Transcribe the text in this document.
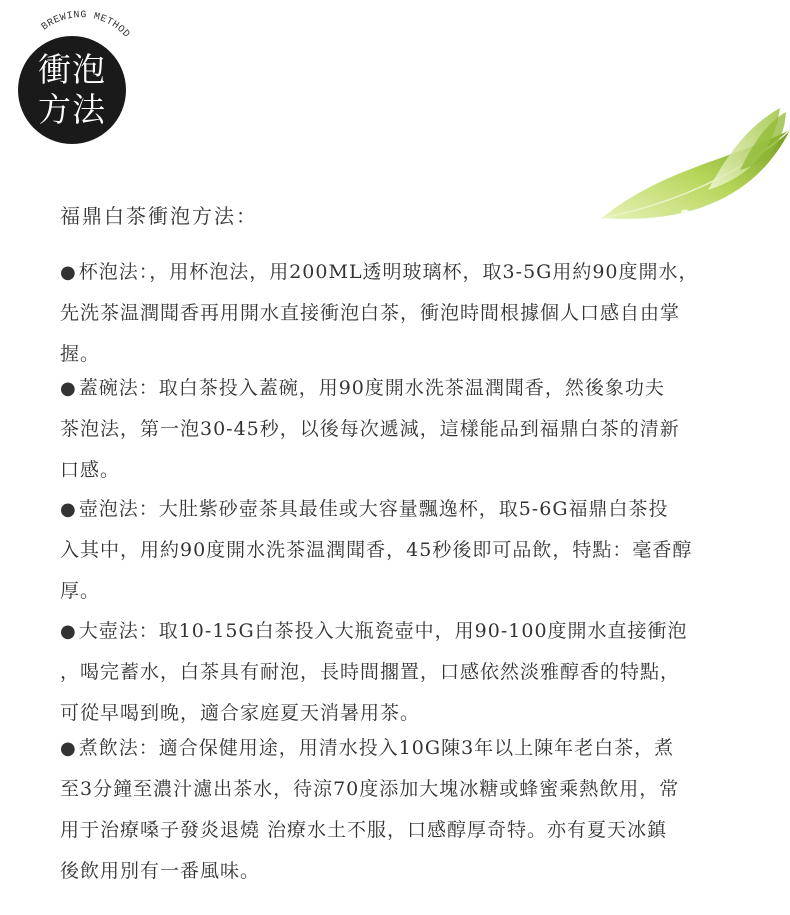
衝泡
方法
BREWING METHOD
福鼎白茶衝泡方法：

● 杯泡法：，用杯泡法，用200ML透明玻璃杯，取3-5G用約90度開水，

先洗茶温潤聞香再用開水直接衝泡白茶，衝泡時間根據個人口感自由掌

握。

● 蓋碗法：取白茶投入蓋碗，用90度開水洗茶温潤聞香，然後象功夫

茶泡法，第一泡30-45秒，以後每次遞減，這樣能品到福鼎白茶的清新

口感。

● 壺泡法：大肚紫砂壺茶具最佳或大容量飄逸杯，取5-6G福鼎白茶投

入其中，用約90度開水洗茶温潤聞香，45秒後即可品飲，特點：毫香醇

厚。

● 大壺法：取10-15G白茶投入大瓶瓷壺中，用90-100度開水直接衝泡

，喝完蓄水，白茶具有耐泡，長時間擱置，口感依然淡雅醇香的特點，

可從早喝到晚，適合家庭夏天消暑用茶。

● 煮飲法：適合保健用途，用清水投入10G陳3年以上陳年老白茶，煮

至3分鐘至濃汁濾出茶水，待涼70度添加大塊冰糖或蜂蜜乘熱飲用，常

用于治療嗓子發炎退燒 治療水土不服，口感醇厚奇特。亦有夏天冰鎮

後飲用別有一番風味。
